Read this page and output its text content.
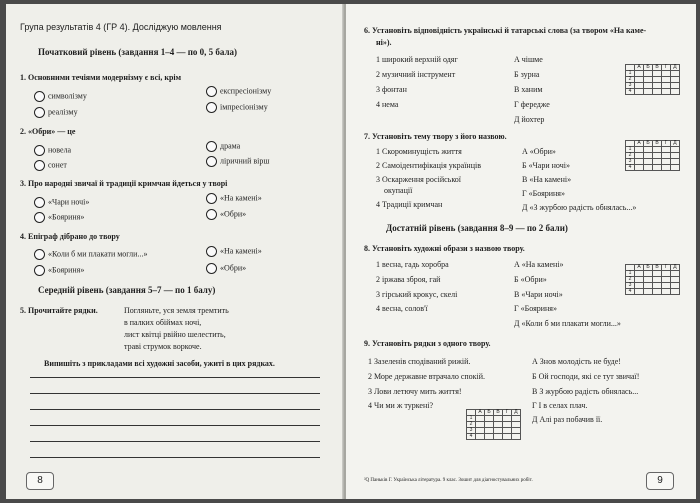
Група результатів 4 (ГР 4). Досліджую мовлення
Початковий рівень (завдання 1–4 — по 0, 5 бала)
1. Основними течіями модернізму є всі, крім
символізму
реалізму
експресіонізму
імпресіонізму
2. «Обри» — це
новела
сонет
драма
ліричний вірш
3. Про народні звичаї й традиції кримчан йдеться у творі
«Чари ночі»
«Бояриня»
«На камені»
«Обри»
4. Епіграф дібрано до твору
«Коли б ми плакати могли...»
«Бояриня»
«На камені»
«Обри»
Середній рівень (завдання 5–7 — по 1 балу)
5. Прочитайте рядки.	Погляньте, уся земля тремтить
в палких обіймах ночі,
лист квітці рвійно шелестить,
траві струмок воркоче.
Випишіть з прикладами всі художні засоби, ужиті в цих рядках.
8
6. Установіть відповідність українські й татарські слова (за твором «На каме-
ні»).
1 широкий верхній одяг
2 музичний інструмент
3 фонтан
4 нема
А чішме
Б зурна
В ханим
Г фередже
Д йохтер
	А	Б	В	Г	Д
1					
2					
3					
4					
7. Установіть тему твору з його назвою.
1 Скороминущість життя
2 Самоідентифікація українців
3 Оскарження російської
окупації
4 Традиції кримчан
А «Обри»
Б «Чари ночі»
В «На камені»
Г «Бояриня»
Д «З журбою радість обнялась...»
	А	Б	В	Г	Д
1					
2					
3					
4					
Достатній рівень (завдання 8–9 — по 2 бали)
8. Установіть художні образи з назвою твору.
1 весна, гадь хоробра
2 іржава зброя, гай
3 гірський крокус, скелі
4 весна, солов'ї
А «На камені»
Б «Обри»
В «Чари ночі»
Г «Бояриня»
Д «Коли б ми плакати могли...»
	А	Б	В	Г	Д
1					
2					
3					
4					
9. Установіть рядки з одного твору.
1 Зазеленів сподіваний рижій.
2 Море державне втрачало спокій.
3 Лови летючу мить життя!
4 Чи ми ж туркені?
А Знов молодість не буде!
Б Ой господи, які се тут звичаї!
В З журбою радість обнялась...
Г І в селах плач.
Д Алі раз побачив її.
	А	Б	В	Г	Д
1					
2					
3					
4					
²Q Паньків Г. Українська література. 9 клас. Зошит для діагностувальних робіт.	9
